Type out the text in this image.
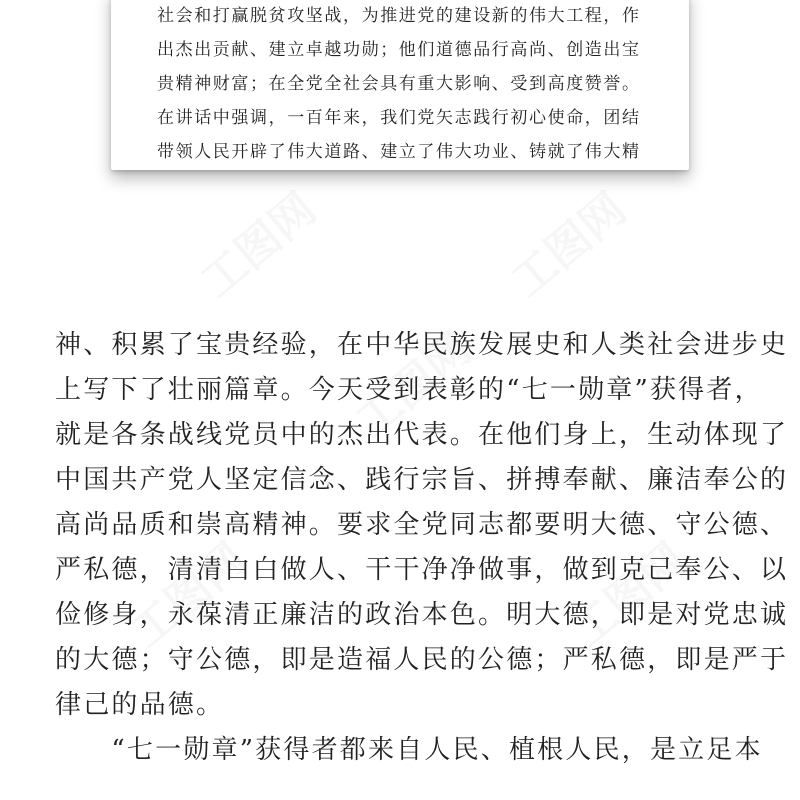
工图网	工图网
工图网
工图网	工图网
社会和打赢脱贫攻坚战，为推进党的建设新的伟大工程，作
出杰出贡献、建立卓越功勋；他们道德品行高尚、创造出宝
贵精神财富；在全党全社会具有重大影响、受到高度赞誉。
在讲话中强调，一百年来，我们党矢志践行初心使命，团结
带领人民开辟了伟大道路、建立了伟大功业、铸就了伟大精
神、积累了宝贵经验，在中华民族发展史和人类社会进步史
上写下了壮丽篇章。今天受到表彰的“七一勋章”获得者，
就是各条战线党员中的杰出代表。在他们身上，生动体现了
中国共产党人坚定信念、践行宗旨、拼搏奉献、廉洁奉公的
高尚品质和崇高精神。要求全党同志都要明大德、守公德、
严私德，清清白白做人、干干净净做事，做到克己奉公、以
俭修身，永葆清正廉洁的政治本色。明大德，即是对党忠诚
的大德；守公德，即是造福人民的公德；严私德，即是严于
律己的品德。
　　“七一勋章”获得者都来自人民、植根人民，是立足本
